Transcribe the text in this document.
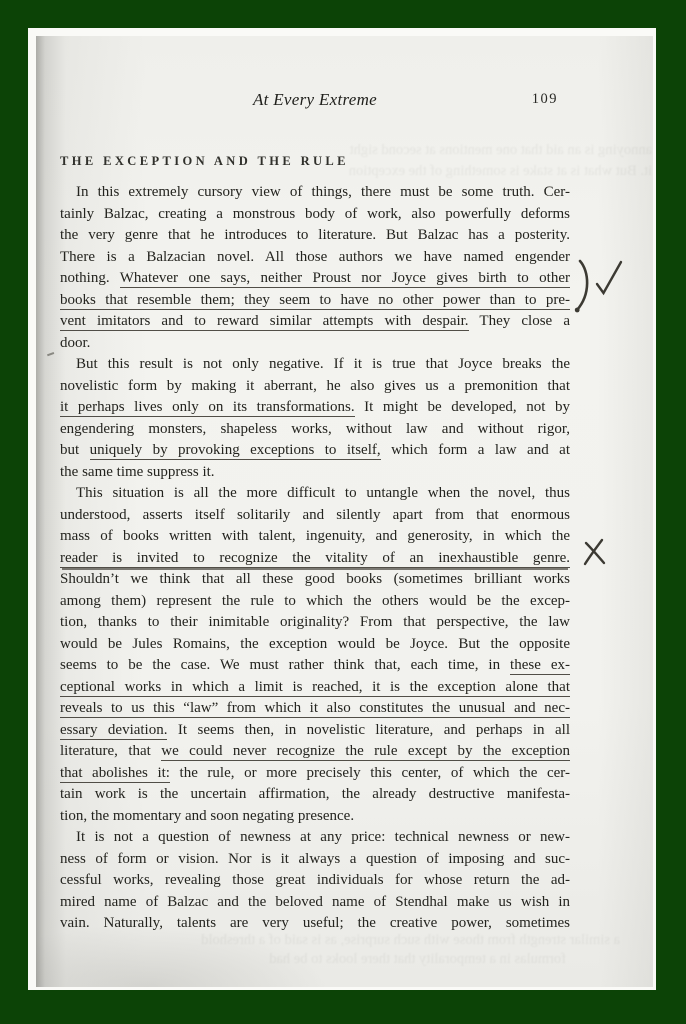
annoying is an aid that one mentions at second sight
it. But what is at stake is something of the exception
a similar strength from those with such surprise, as is said of a threshold
formulas in a temporality that there looks to be had
At Every Extreme	109
THE EXCEPTION AND THE RULE
In this extremely cursory view of things, there must be some truth. Cer-
tainly Balzac, creating a monstrous body of work, also powerfully deforms
the very genre that he introduces to literature. But Balzac has a posterity.
There is a Balzacian novel. All those authors we have named engender
nothing. Whatever one says, neither Proust nor Joyce gives birth to other
books that resemble them; they seem to have no other power than to pre-
vent imitators and to reward similar attempts with despair. They close a
door.
But this result is not only negative. If it is true that Joyce breaks the
novelistic form by making it aberrant, he also gives us a premonition that
it perhaps lives only on its transformations. It might be developed, not by
engendering monsters, shapeless works, without law and without rigor,
but uniquely by provoking exceptions to itself, which form a law and at
the same time suppress it.
This situation is all the more difficult to untangle when the novel, thus
understood, asserts itself solitarily and silently apart from that enormous
mass of books written with talent, ingenuity, and generosity, in which the
reader is invited to recognize the vitality of an inexhaustible genre.
Shouldn’t we think that all these good books (sometimes brilliant works
among them) represent the rule to which the others would be the excep-
tion, thanks to their inimitable originality? From that perspective, the law
would be Jules Romains, the exception would be Joyce. But the opposite
seems to be the case. We must rather think that, each time, in these ex-
ceptional works in which a limit is reached, it is the exception alone that
reveals to us this “law” from which it also constitutes the unusual and nec-
essary deviation. It seems then, in novelistic literature, and perhaps in all
literature, that we could never recognize the rule except by the exception
that abolishes it: the rule, or more precisely this center, of which the cer-
tain work is the uncertain affirmation, the already destructive manifesta-
tion, the momentary and soon negating presence.
It is not a question of newness at any price: technical newness or new-
ness of form or vision. Nor is it always a question of imposing and suc-
cessful works, revealing those great individuals for whose return the ad-
mired name of Balzac and the beloved name of Stendhal make us wish in
vain. Naturally, talents are very useful; the creative power, sometimes
